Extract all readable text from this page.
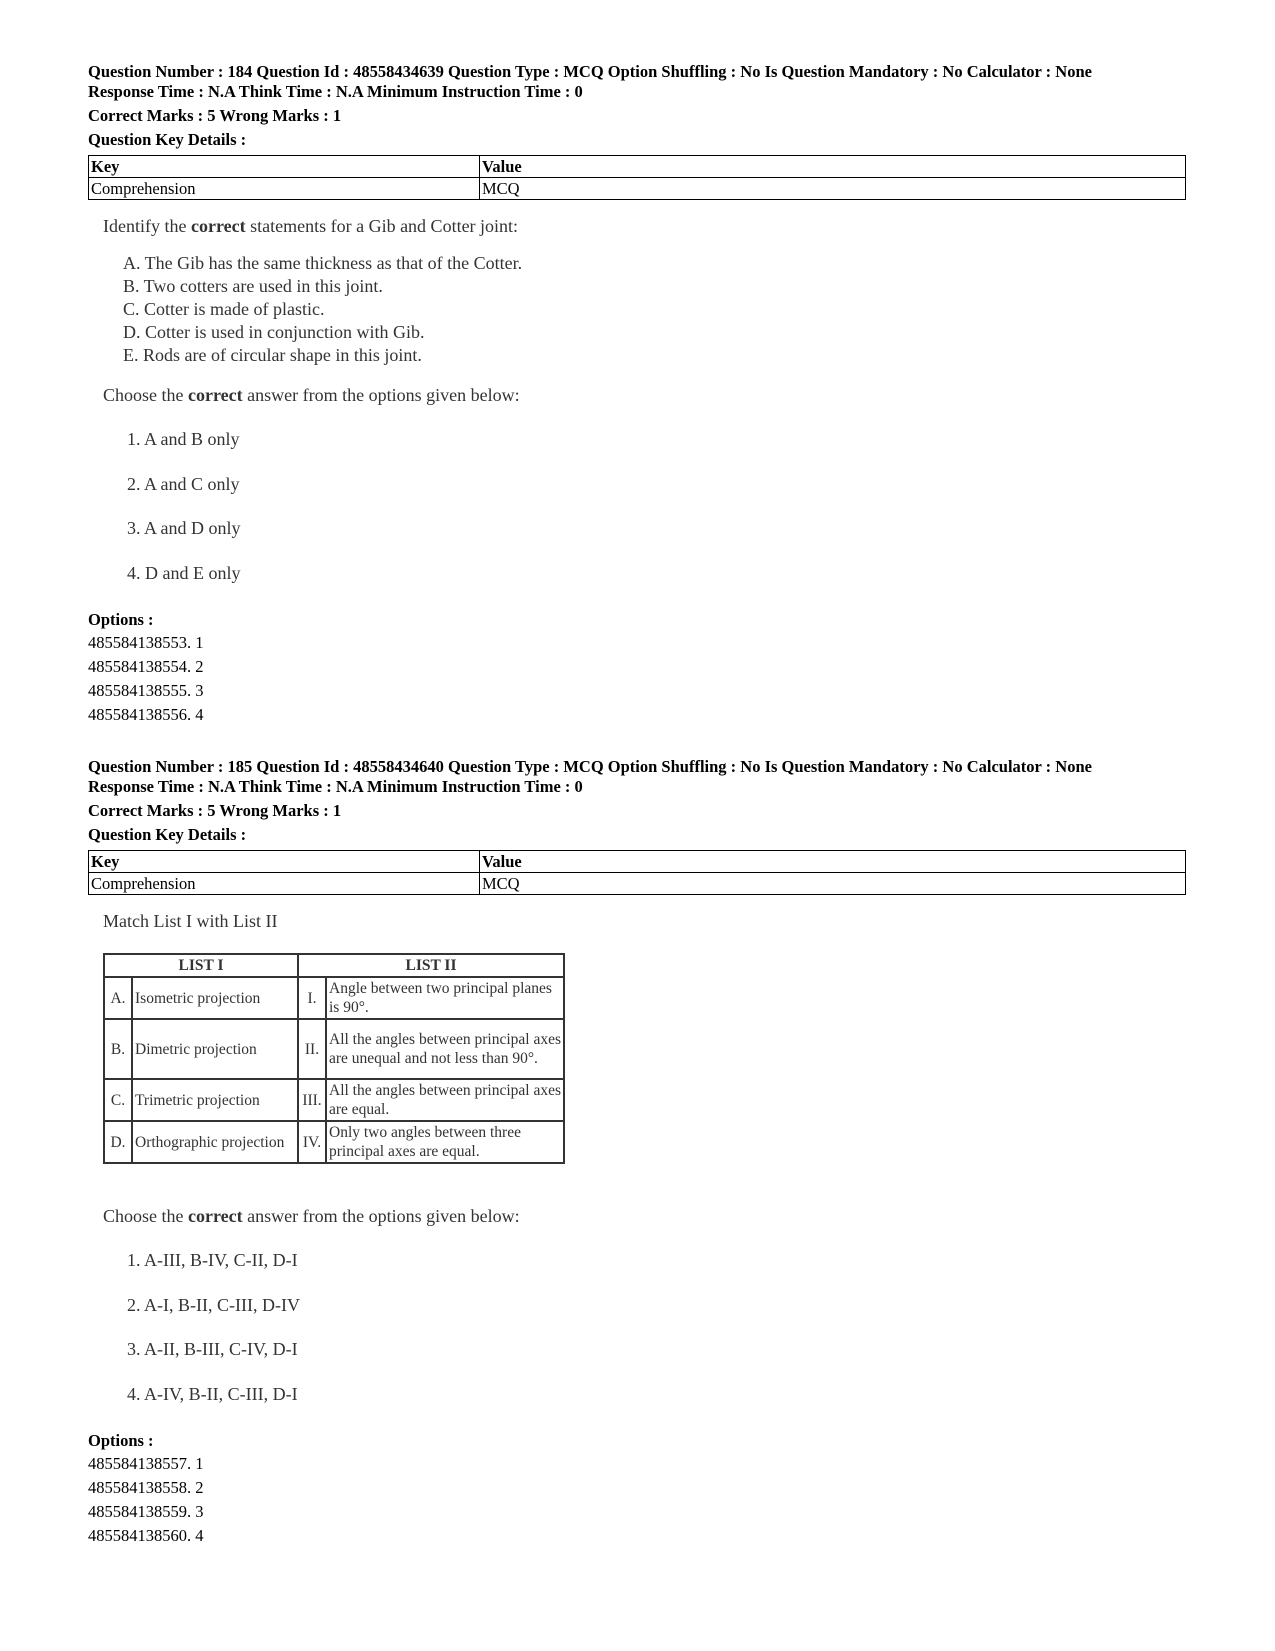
Question Number : 184 Question Id : 48558434639 Question Type : MCQ Option Shuffling : No Is Question Mandatory : No Calculator : None

Response Time : N.A Think Time : N.A Minimum Instruction Time : 0

Correct Marks : 5 Wrong Marks : 1

Question Key Details :

Key	Value
Comprehension	MCQ

Identify the correct statements for a Gib and Cotter joint:

A. The Gib has the same thickness as that of the Cotter.
B. Two cotters are used in this joint.
C. Cotter is made of plastic.
D. Cotter is used in conjunction with Gib.
E. Rods are of circular shape in this joint.

Choose the correct answer from the options given below:

1. A and B only
2. A and C only
3. A and D only
4. D and E only
Options :
485584138553. 1
485584138554. 2
485584138555. 3
485584138556. 4

Question Number : 185 Question Id : 48558434640 Question Type : MCQ Option Shuffling : No Is Question Mandatory : No Calculator : None

Response Time : N.A Think Time : N.A Minimum Instruction Time : 0

Correct Marks : 5 Wrong Marks : 1

Question Key Details :

Key	Value
Comprehension	MCQ

Match List I with List II

LIST I		LIST II	
A.	Isometric projection	I.	Angle between two principal planes is 90°.
B.	Dimetric projection	II.	All the angles between principal axes are unequal and not less than 90°.
C.	Trimetric projection	III.	All the angles between principal axes are equal.
D.	Orthographic projection	IV.	Only two angles between three principal axes are equal.

Choose the correct answer from the options given below:

1. A-III, B-IV, C-II, D-I
2. A-I, B-II, C-III, D-IV
3. A-II, B-III, C-IV, D-I
4. A-IV, B-II, C-III, D-I
Options :
485584138557. 1
485584138558. 2
485584138559. 3
485584138560. 4
